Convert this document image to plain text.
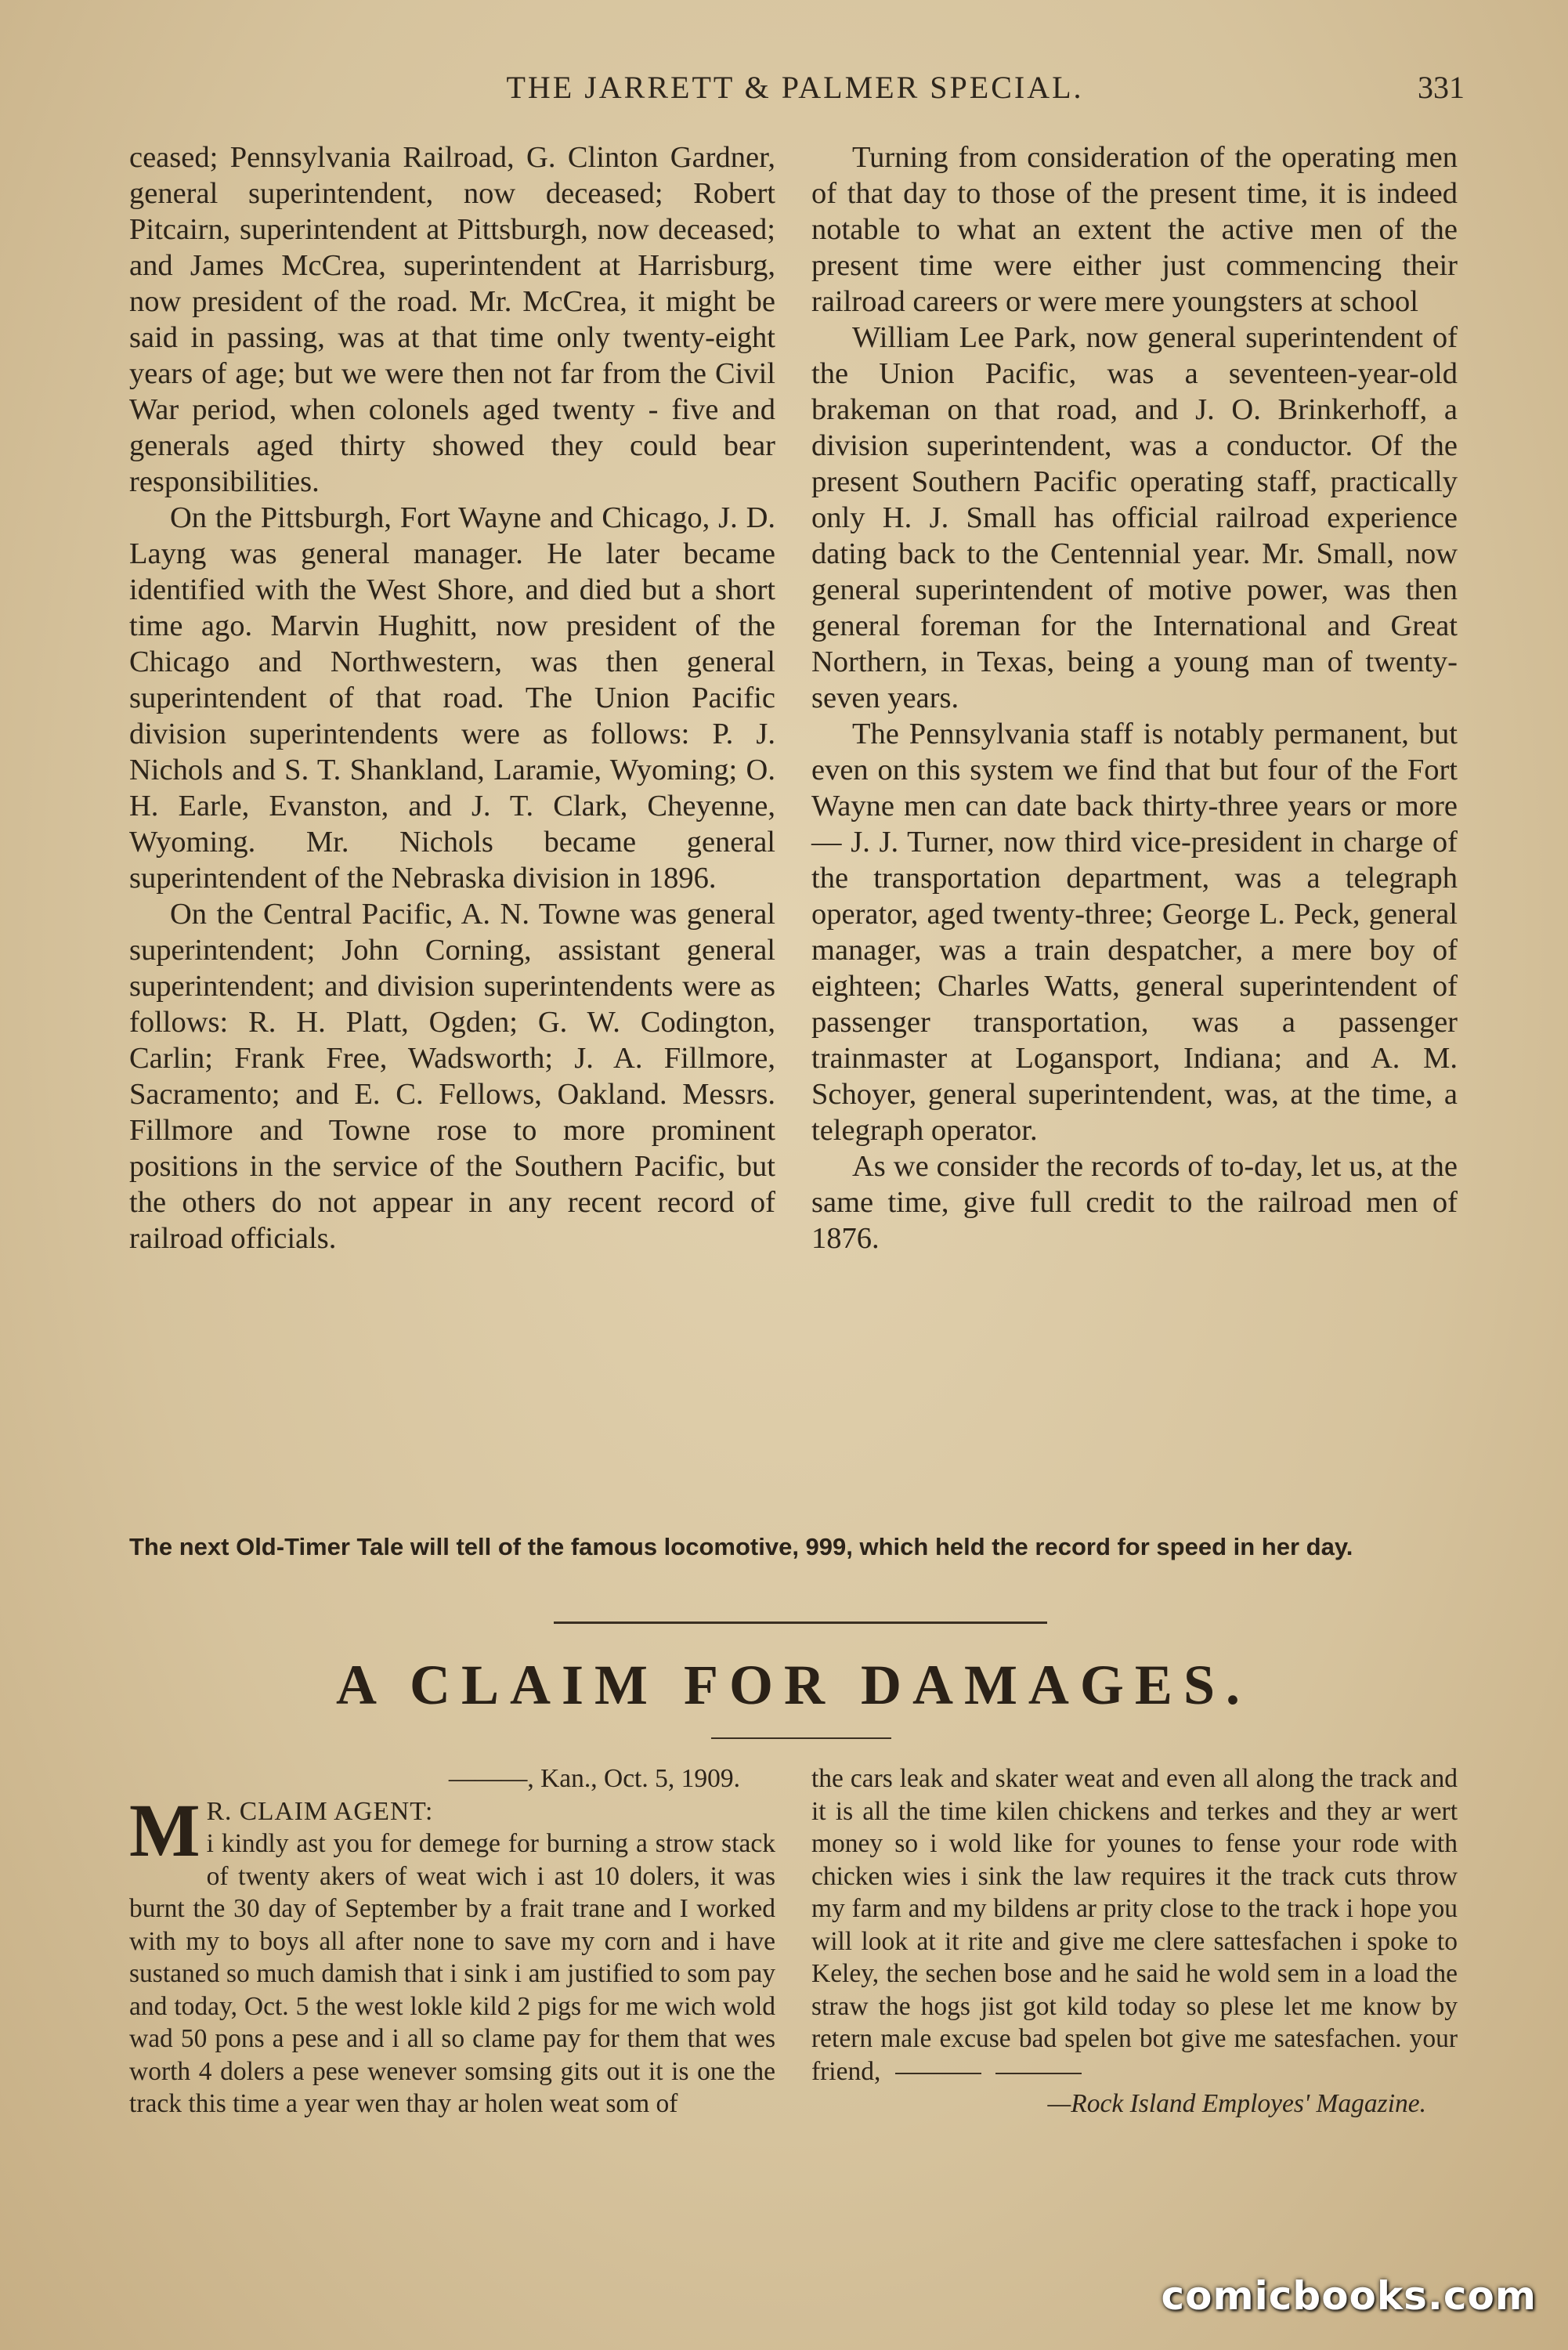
THE JARRETT & PALMER SPECIAL.	331

ceased; Pennsylvania Railroad, G. Clinton Gardner, general superintendent, now deceased; Robert Pitcairn, superintendent at Pittsburgh, now deceased; and James McCrea, superintendent at Harrisburg, now president of the road. Mr. McCrea, it might be said in passing, was at that time only twenty-eight years of age; but we were then not far from the Civil War period, when colonels aged twenty - five and generals aged thirty showed they could bear responsibilities.

On the Pittsburgh, Fort Wayne and Chicago, J. D. Layng was general manager. He later became identified with the West Shore, and died but a short time ago. Marvin Hughitt, now president of the Chicago and Northwestern, was then general superintendent of that road. The Union Pacific division superintendents were as follows: P. J. Nichols and S. T. Shankland, Laramie, Wyoming; O. H. Earle, Evanston, and J. T. Clark, Cheyenne, Wyoming. Mr. Nichols became general superintendent of the Nebraska division in 1896.

On the Central Pacific, A. N. Towne was general superintendent; John Corning, assistant general superintendent; and division superintendents were as follows: R. H. Platt, Ogden; G. W. Codington, Carlin; Frank Free, Wadsworth; J. A. Fillmore, Sacramento; and E. C. Fellows, Oakland. Messrs. Fillmore and Towne rose to more prominent positions in the service of the Southern Pacific, but the others do not appear in any recent record of railroad officials.

Turning from consideration of the operating men of that day to those of the present time, it is indeed notable to what an extent the active men of the present time were either just commencing their railroad careers or were mere youngsters at school

William Lee Park, now general superintendent of the Union Pacific, was a seventeen-year-old brakeman on that road, and J. O. Brinkerhoff, a division superintendent, was a conductor. Of the present Southern Pacific operating staff, practically only H. J. Small has official railroad experience dating back to the Centennial year. Mr. Small, now general superintendent of motive power, was then general foreman for the International and Great Northern, in Texas, being a young man of twenty-seven years.

The Pennsylvania staff is notably permanent, but even on this system we find that but four of the Fort Wayne men can date back thirty-three years or more— J. J. Turner, now third vice-president in charge of the transportation department, was a telegraph operator, aged twenty-three; George L. Peck, general manager, was a train despatcher, a mere boy of eighteen; Charles Watts, general superintendent of passenger transportation, was a passenger trainmaster at Logansport, Indiana; and A. M. Schoyer, general superintendent, was, at the time, a telegraph operator.

As we consider the records of to-day, let us, at the same time, give full credit to the railroad men of 1876.

The next Old-Timer Tale will tell of the famous locomotive, 999, which held the record for speed in her day.
A CLAIM FOR DAMAGES.

———, Kan., Oct. 5, 1909.

M R. CLAIM AGENT:
i kindly ast you for demege for burning a strow stack of twenty akers of weat wich i ast 10 dolers, it was burnt the 30 day of September by a frait trane and I worked with my to boys all after none to save my corn and i have sustaned so much damish that i sink i am justified to som pay and today, Oct. 5 the west lokle kild 2 pigs for me wich wold wad 50 pons a pese and i all so clame pay for them that wes worth 4 dolers a pese wenever somsing gits out it is one the track this time a year wen thay ar holen weat som of

the cars leak and skater weat and even all along the track and it is all the time kilen chickens and terkes and they ar wert money so i wold like for younes to fense your rode with chicken wies i sink the law requires it the track cuts throw my farm and my bildens ar prity close to the track i hope you will look at it rite and give me clere sattesfachen i spoke to Keley, the sechen bose and he said he wold sem in a load the straw the hogs jist got kild today so plese let me know by retern male excuse bad spelen bot give me satesfachen. your friend,

—Rock Island Employes' Magazine.

comicbooks.com
